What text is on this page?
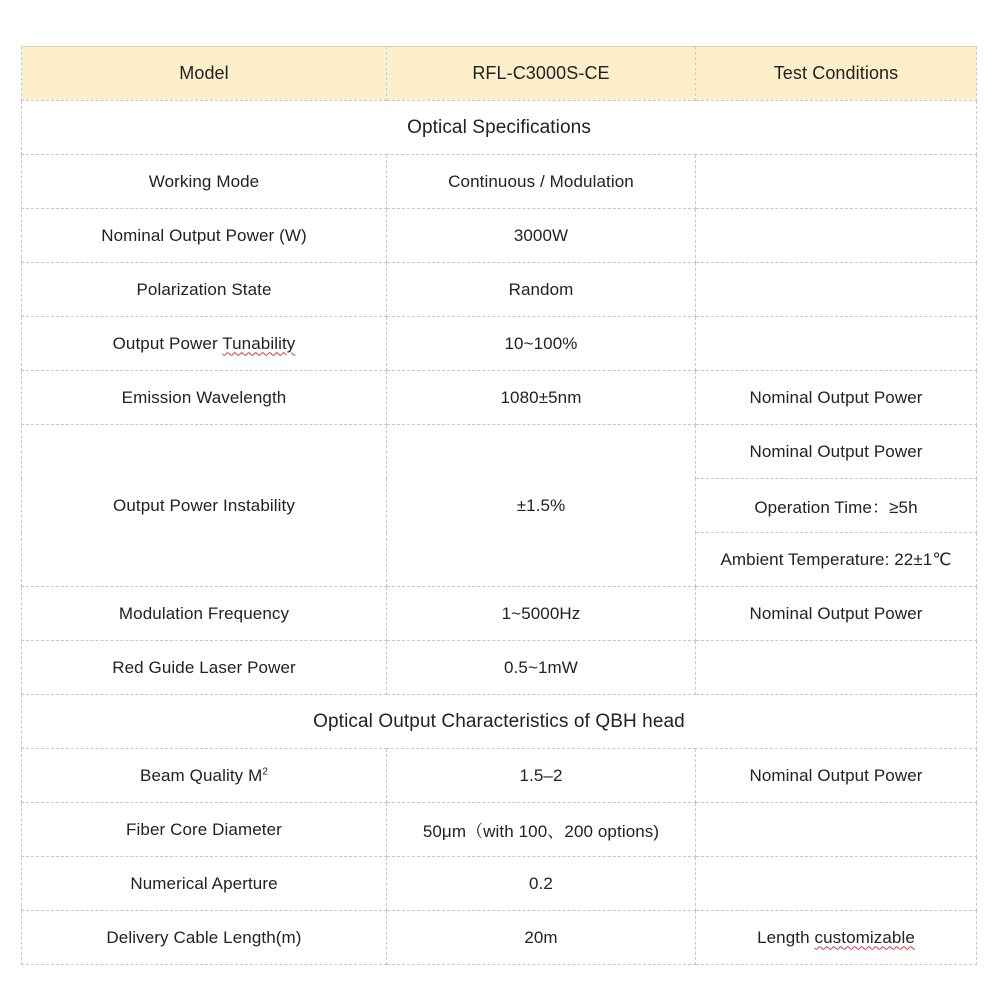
Model	RFL-C3000S-CE	Test Conditions
Optical Specifications		
Working Mode	Continuous / Modulation	
Nominal Output Power (W)	3000W	
Polarization State	Random	
Output Power Tunability	10~100%	
Emission Wavelength	1080±5nm	Nominal Output Power
Output Power Instability	±1.5%	Nominal Output Power
		Operation Time：≥5h
		Ambient Temperature: 22±1℃
Modulation Frequency	1~5000Hz	Nominal Output Power
Red Guide Laser Power	0.5~1mW	
Optical Output Characteristics of QBH head		
Beam Quality $M^2$	1.5–2	Nominal Output Power
Fiber Core Diameter	50μm（with 100、200 options)	
Numerical Aperture	0.2	
Delivery Cable Length(m)	20m	Length customizable
